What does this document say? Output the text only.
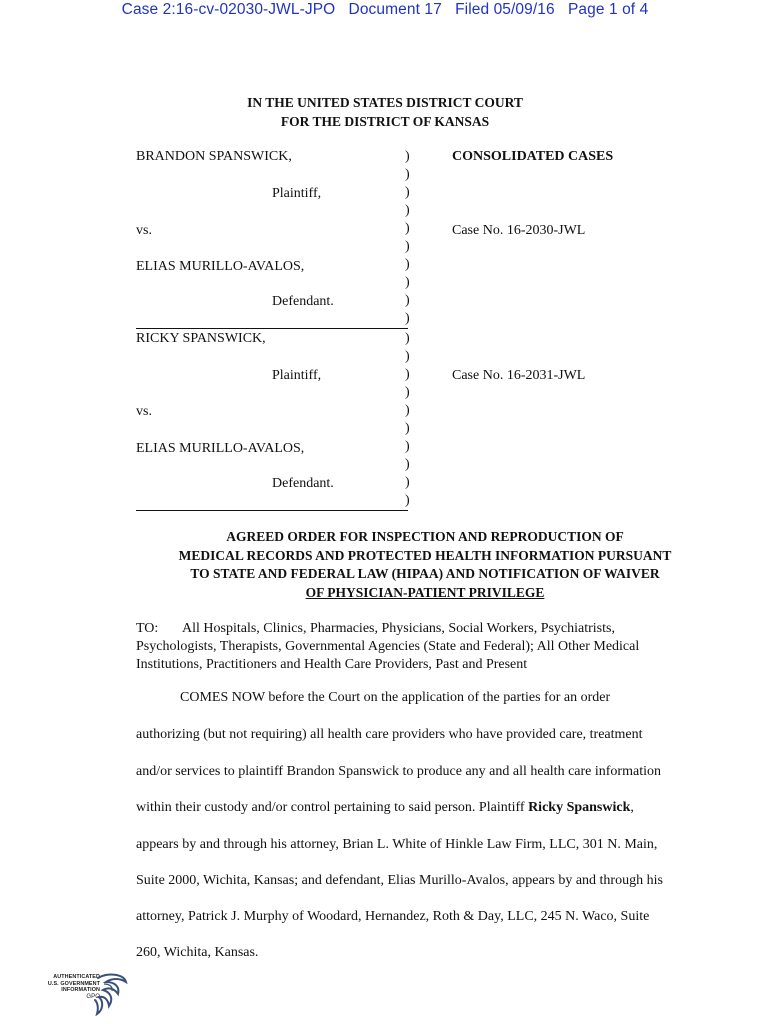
Case 2:16-cv-02030-JWL-JPO Document 17 Filed 05/09/16 Page 1 of 4
IN THE UNITED STATES DISTRICT COURT
FOR THE DISTRICT OF KANSAS
BRANDON SPANSWICK,
Plaintiff,
vs.
ELIAS MURILLO-AVALOS,
Defendant.
RICKY SPANSWICK,
Plaintiff,
vs.
ELIAS MURILLO-AVALOS,
Defendant.
)
)
)
)
)
)
)
)
)
)
)
)
)
)
)
)
)
)
)
)
CONSOLIDATED CASES
Case No. 16-2030-JWL
Case No. 16-2031-JWL
AGREED ORDER FOR INSPECTION AND REPRODUCTION OF
MEDICAL RECORDS AND PROTECTED HEALTH INFORMATION PURSUANT
TO STATE AND FEDERAL LAW (HIPAA) AND NOTIFICATION OF WAIVER
OF PHYSICIAN-PATIENT PRIVILEGE
TO: All Hospitals, Clinics, Pharmacies, Physicians, Social Workers, Psychiatrists,
Psychologists, Therapists, Governmental Agencies (State and Federal); All Other Medical
Institutions, Practitioners and Health Care Providers, Past and Present
COMES NOW before the Court on the application of the parties for an order
authorizing (but not requiring) all health care providers who have provided care, treatment
and/or services to plaintiff Brandon Spanswick to produce any and all health care information
within their custody and/or control pertaining to said person. Plaintiff Ricky Spanswick,
appears by and through his attorney, Brian L. White of Hinkle Law Firm, LLC, 301 N. Main,
Suite 2000, Wichita, Kansas; and defendant, Elias Murillo-Avalos, appears by and through his
attorney, Patrick J. Murphy of Woodard, Hernandez, Roth & Day, LLC, 245 N. Waco, Suite
260, Wichita, Kansas.
AUTHENTICATED
U.S. GOVERNMENT
INFORMATION
GPO
